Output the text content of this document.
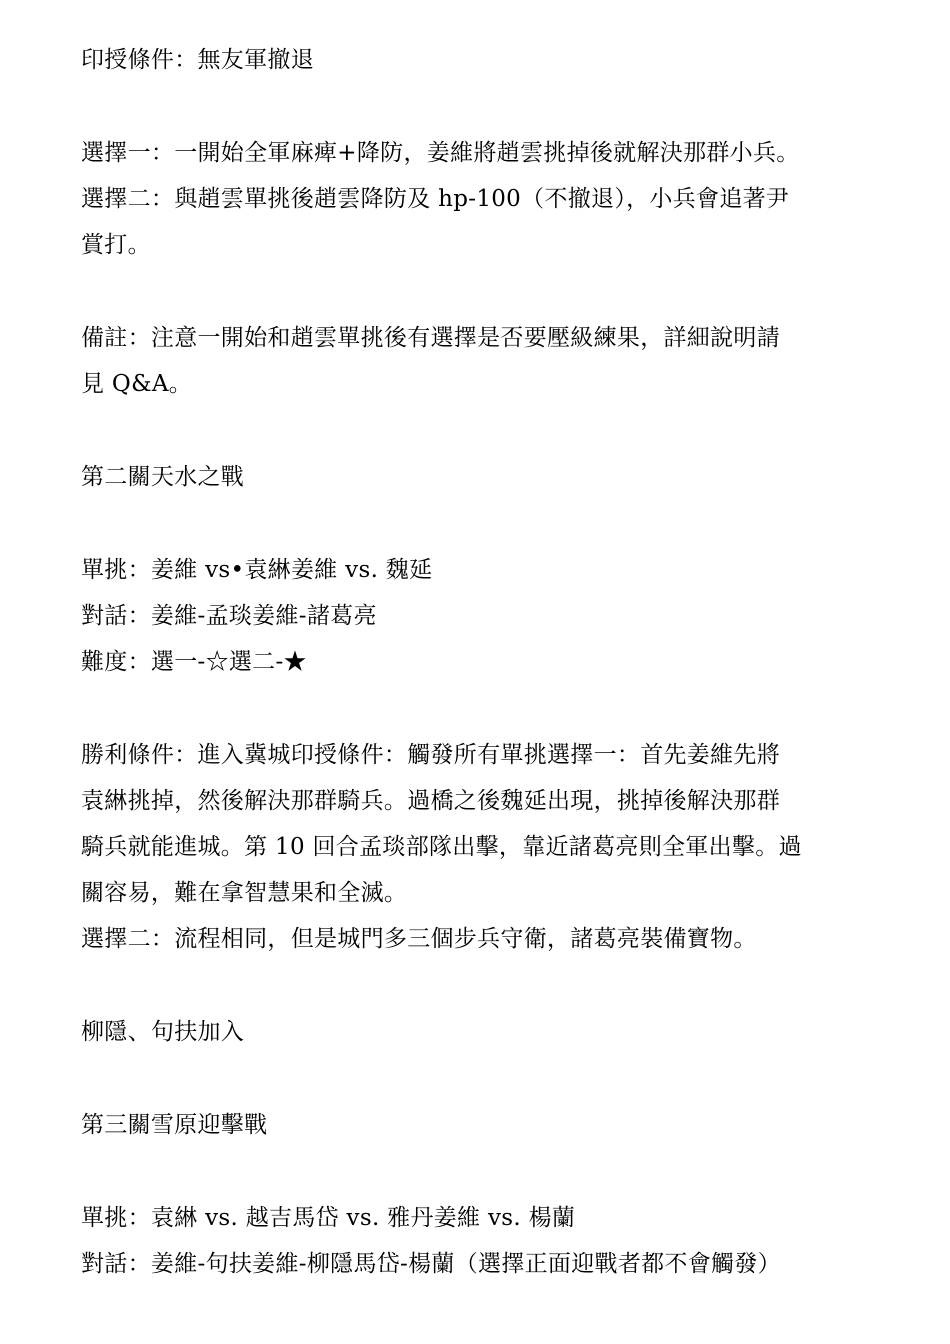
印授條件：無友軍撤退
選擇一：一開始全軍麻痺+降防，姜維將趙雲挑掉後就解決那群小兵。
選擇二：與趙雲單挑後趙雲降防及 hp-100（不撤退），小兵會追著尹
賞打。
備註：注意一開始和趙雲單挑後有選擇是否要壓級練果，詳細說明請
見 Q&A。
第二關天水之戰
單挑：姜維 vs•袁綝姜維 vs. 魏延
對話：姜維-孟琰姜維-諸葛亮
難度：選一-☆選二-★
勝利條件：進入冀城印授條件：觸發所有單挑選擇一：首先姜維先將
袁綝挑掉，然後解決那群騎兵。過橋之後魏延出現，挑掉後解決那群
騎兵就能進城。第 10 回合孟琰部隊出擊，靠近諸葛亮則全軍出擊。過
關容易，難在拿智慧果和全滅。
選擇二：流程相同，但是城門多三個步兵守衛，諸葛亮裝備寶物。
柳隱、句扶加入
第三關雪原迎擊戰
單挑：袁綝 vs. 越吉馬岱 vs. 雅丹姜維 vs. 楊蘭
對話：姜維-句扶姜維-柳隱馬岱-楊蘭（選擇正面迎戰者都不會觸發）
